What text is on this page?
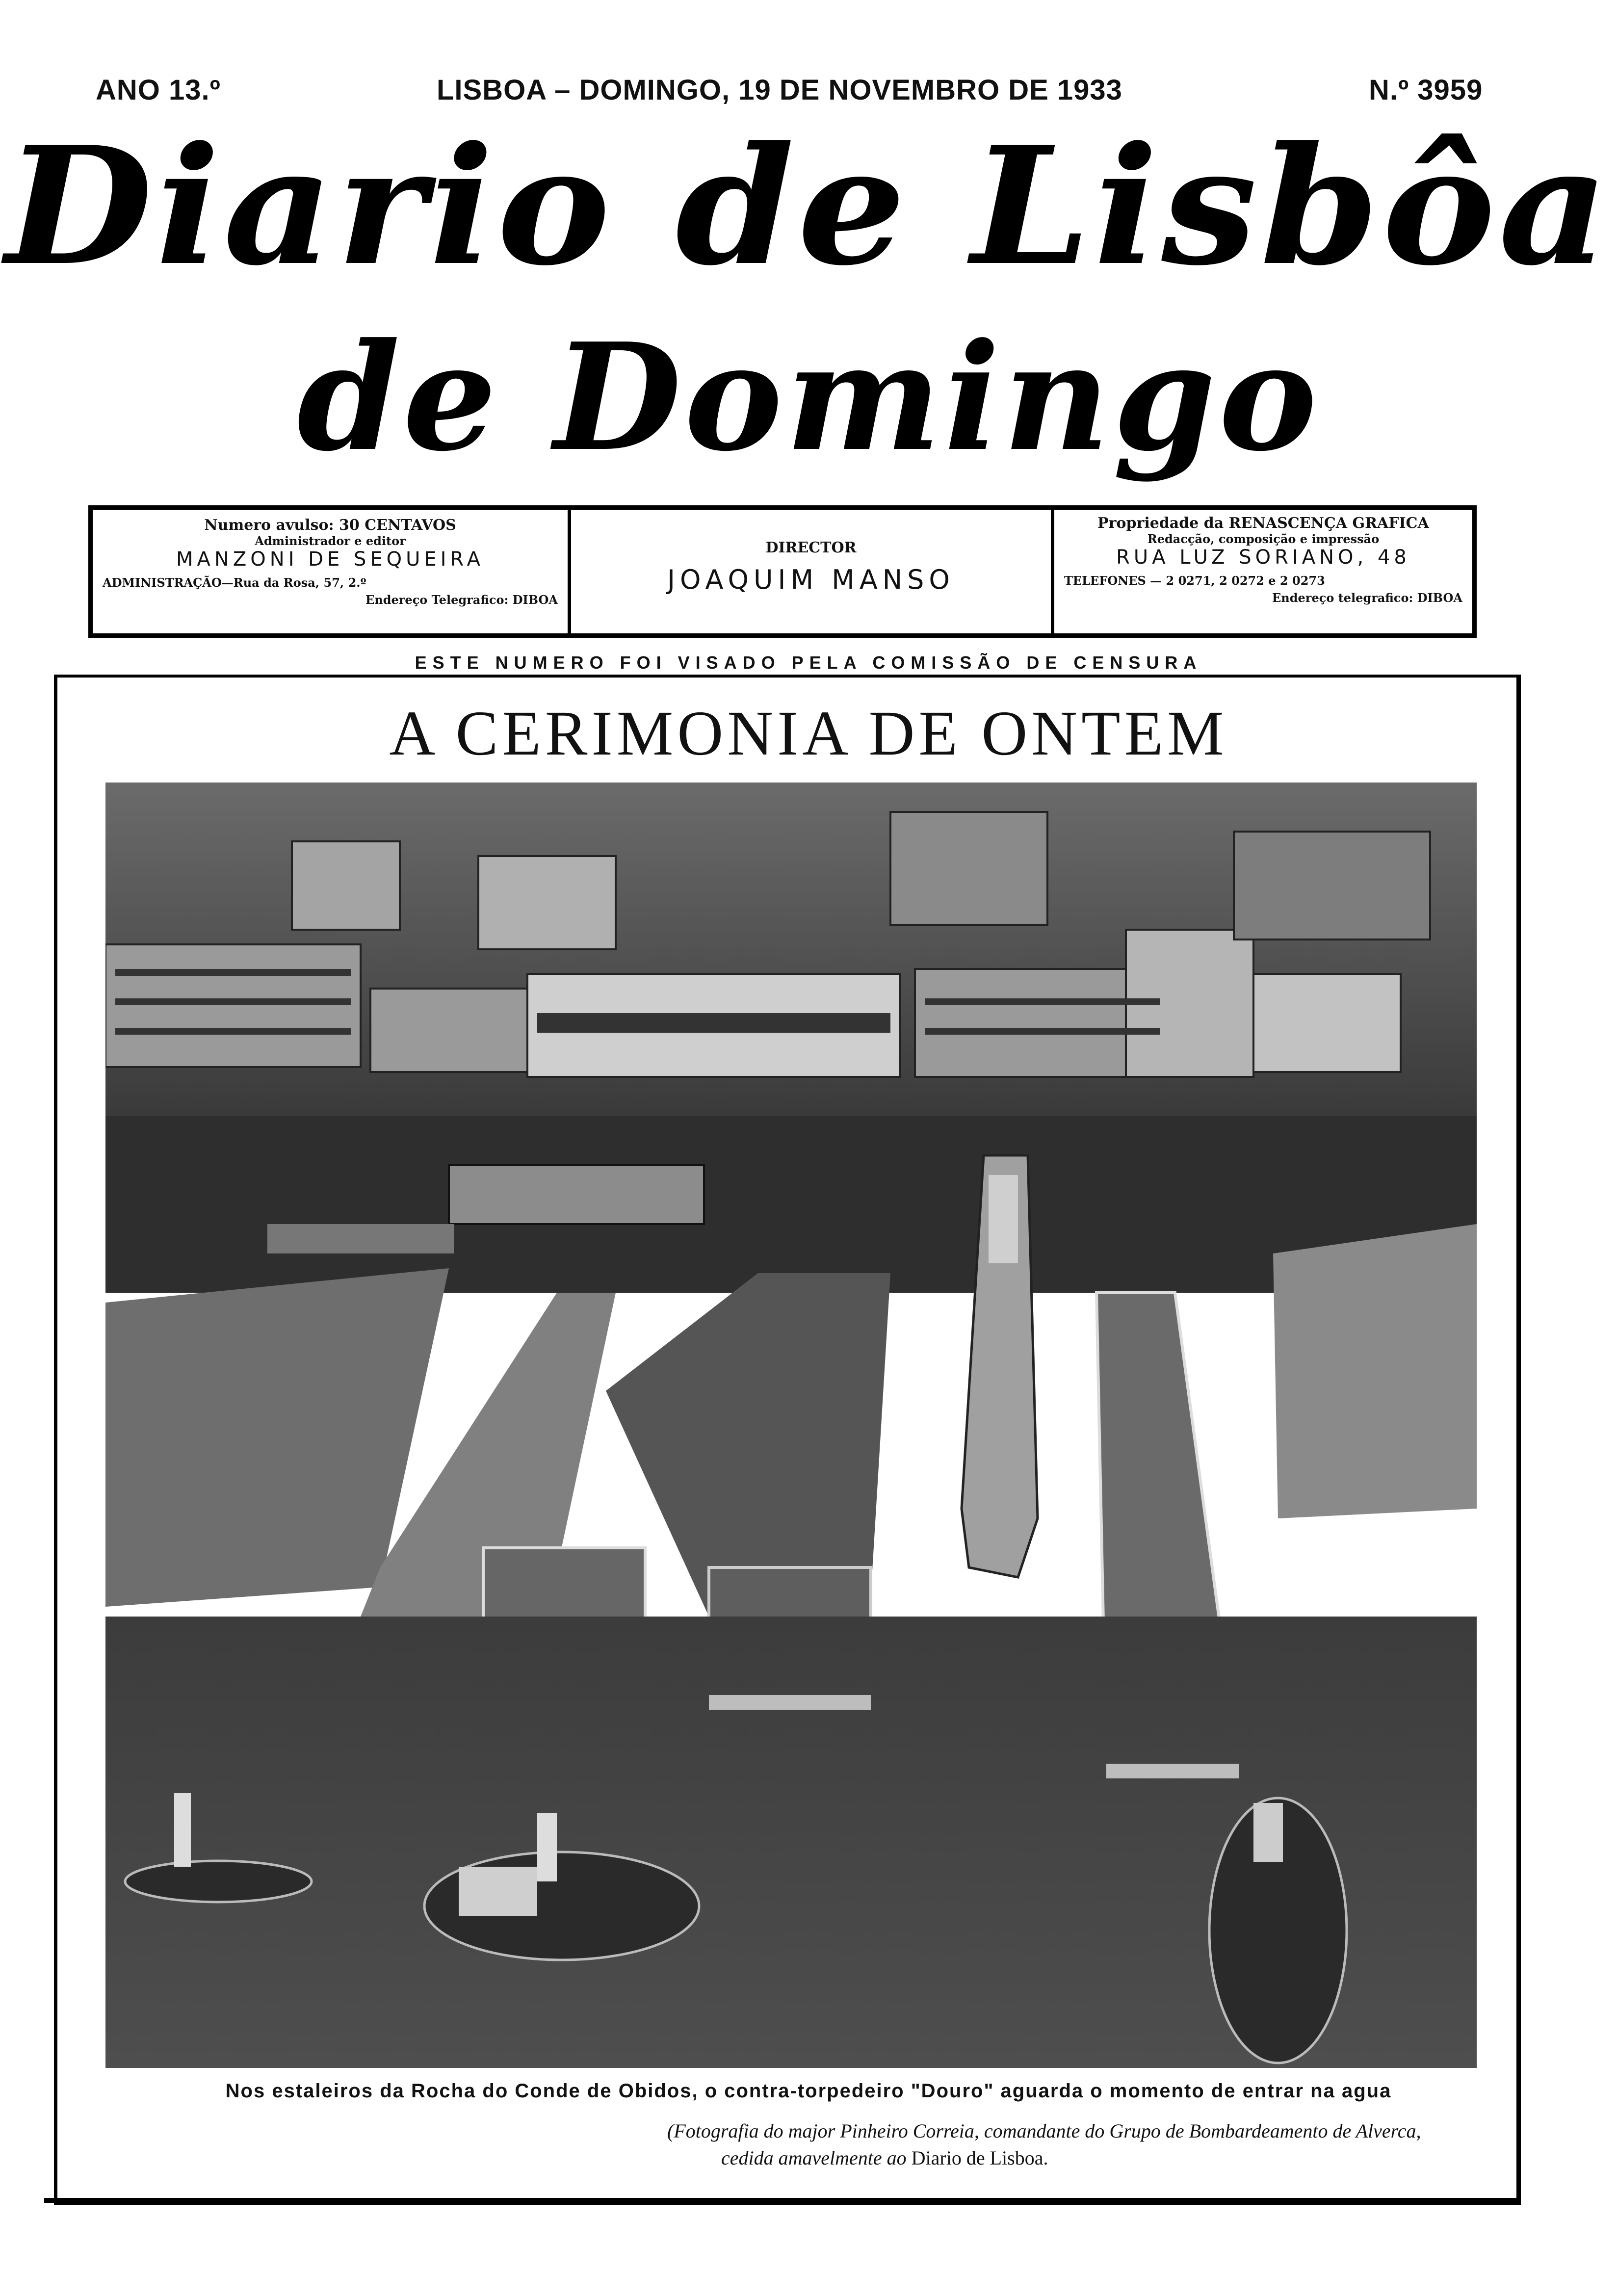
ANO 13.º	LISBOA – DOMINGO, 19 DE NOVEMBRO DE 1933	N.º 3959
Diario de Lisbôa
de Domingo
Numero avulso: 30 CENTAVOS
Administrador e editor
MANZONI DE SEQUEIRA
ADMINISTRAÇÃO—Rua da Rosa, 57, 2.º
Endereço Telegrafico: DIBOA
DIRECTOR
JOAQUIM MANSO
Propriedade da RENASCENÇA GRAFICA
Redacção, composição e impressão
RUA LUZ SORIANO, 48
TELEFONES — 2 0271, 2 0272 e 2 0273
Endereço telegrafico: DIBOA
ESTE NUMERO FOI VISADO PELA COMISSÃO DE CENSURA
A CERIMONIA DE ONTEM
Nos estaleiros da Rocha do Conde de Obidos, o contra-torpedeiro "Douro" aguarda o momento de entrar na agua
(Fotografia do major Pinheiro Correia, comandante do Grupo de Bombardeamento de Alverca,
cedida amavelmente ao Diario de Lisboa.
